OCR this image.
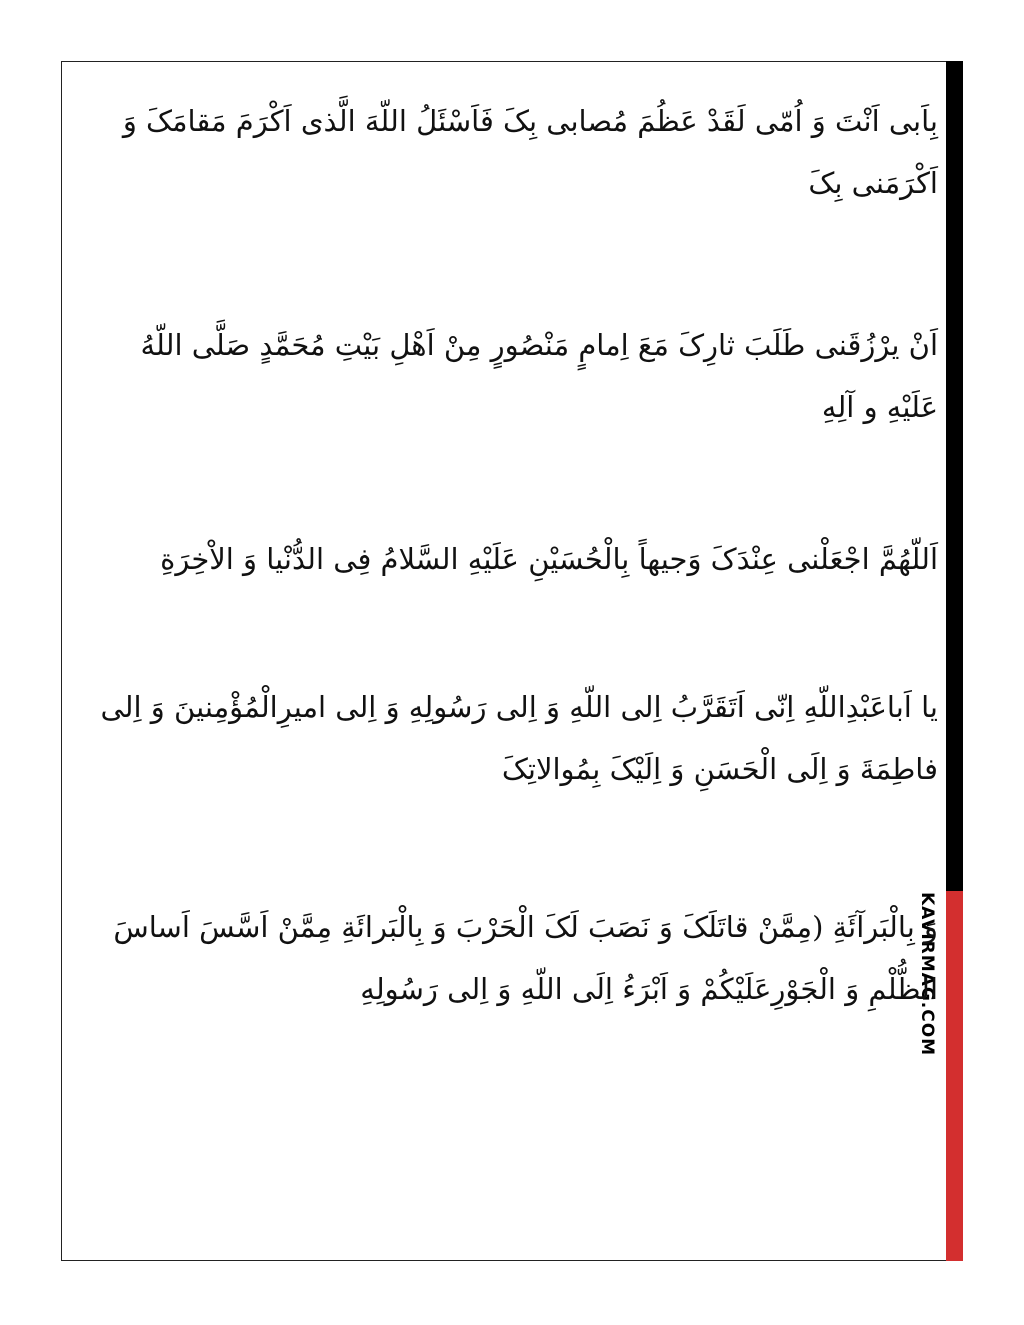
KAVIRMAG.COM

بِاَبی اَنْتَ وَ اُمّی لَقَدْ عَظُمَ مُصابی بِکَ فَاَسْئَلُ اللّهَ الَّذی اَکْرَمَ مَقامَکَ وَ اَکْرَمَنی بِکَ

اَنْ یرْزُقَنی طَلَبَ ثارِکَ مَعَ اِمامٍ مَنْصُورٍ مِنْ اَهْلِ بَیْتِ مُحَمَّدٍ صَلَّی اللّهُ عَلَیْهِ و آلِهِ

اَللّهُمَّ اجْعَلْنی عِنْدَکَ وَجیهاً بِالْحُسَیْنِ عَلَیْهِ السَّلامُ فِی الدُّنْیا وَ الاْخِرَةِ

یا اَباعَبْدِاللّهِ اِنّی اَتَقَرَّبُ اِلی اللّهِ وَ اِلی رَسُولِهِ وَ اِلی امیرِالْمُؤْمِنینَ وَ اِلی فاطِمَةَ وَ اِلَی الْحَسَنِ وَ اِلَیْکَ بِمُوالاتِکَ

وَ بِالْبَرآئَةِ (مِمَّنْ قاتَلَکَ وَ نَصَبَ لَکَ الْحَرْبَ وَ بِالْبَرائَةِ مِمَّنْ اَسَّسَ اَساسَ الظُّلْمِ وَ الْجَوْرِعَلَیْکُمْ وَ اَبْرَءُ اِلَی اللّهِ وَ اِلی رَسُولِهِ
